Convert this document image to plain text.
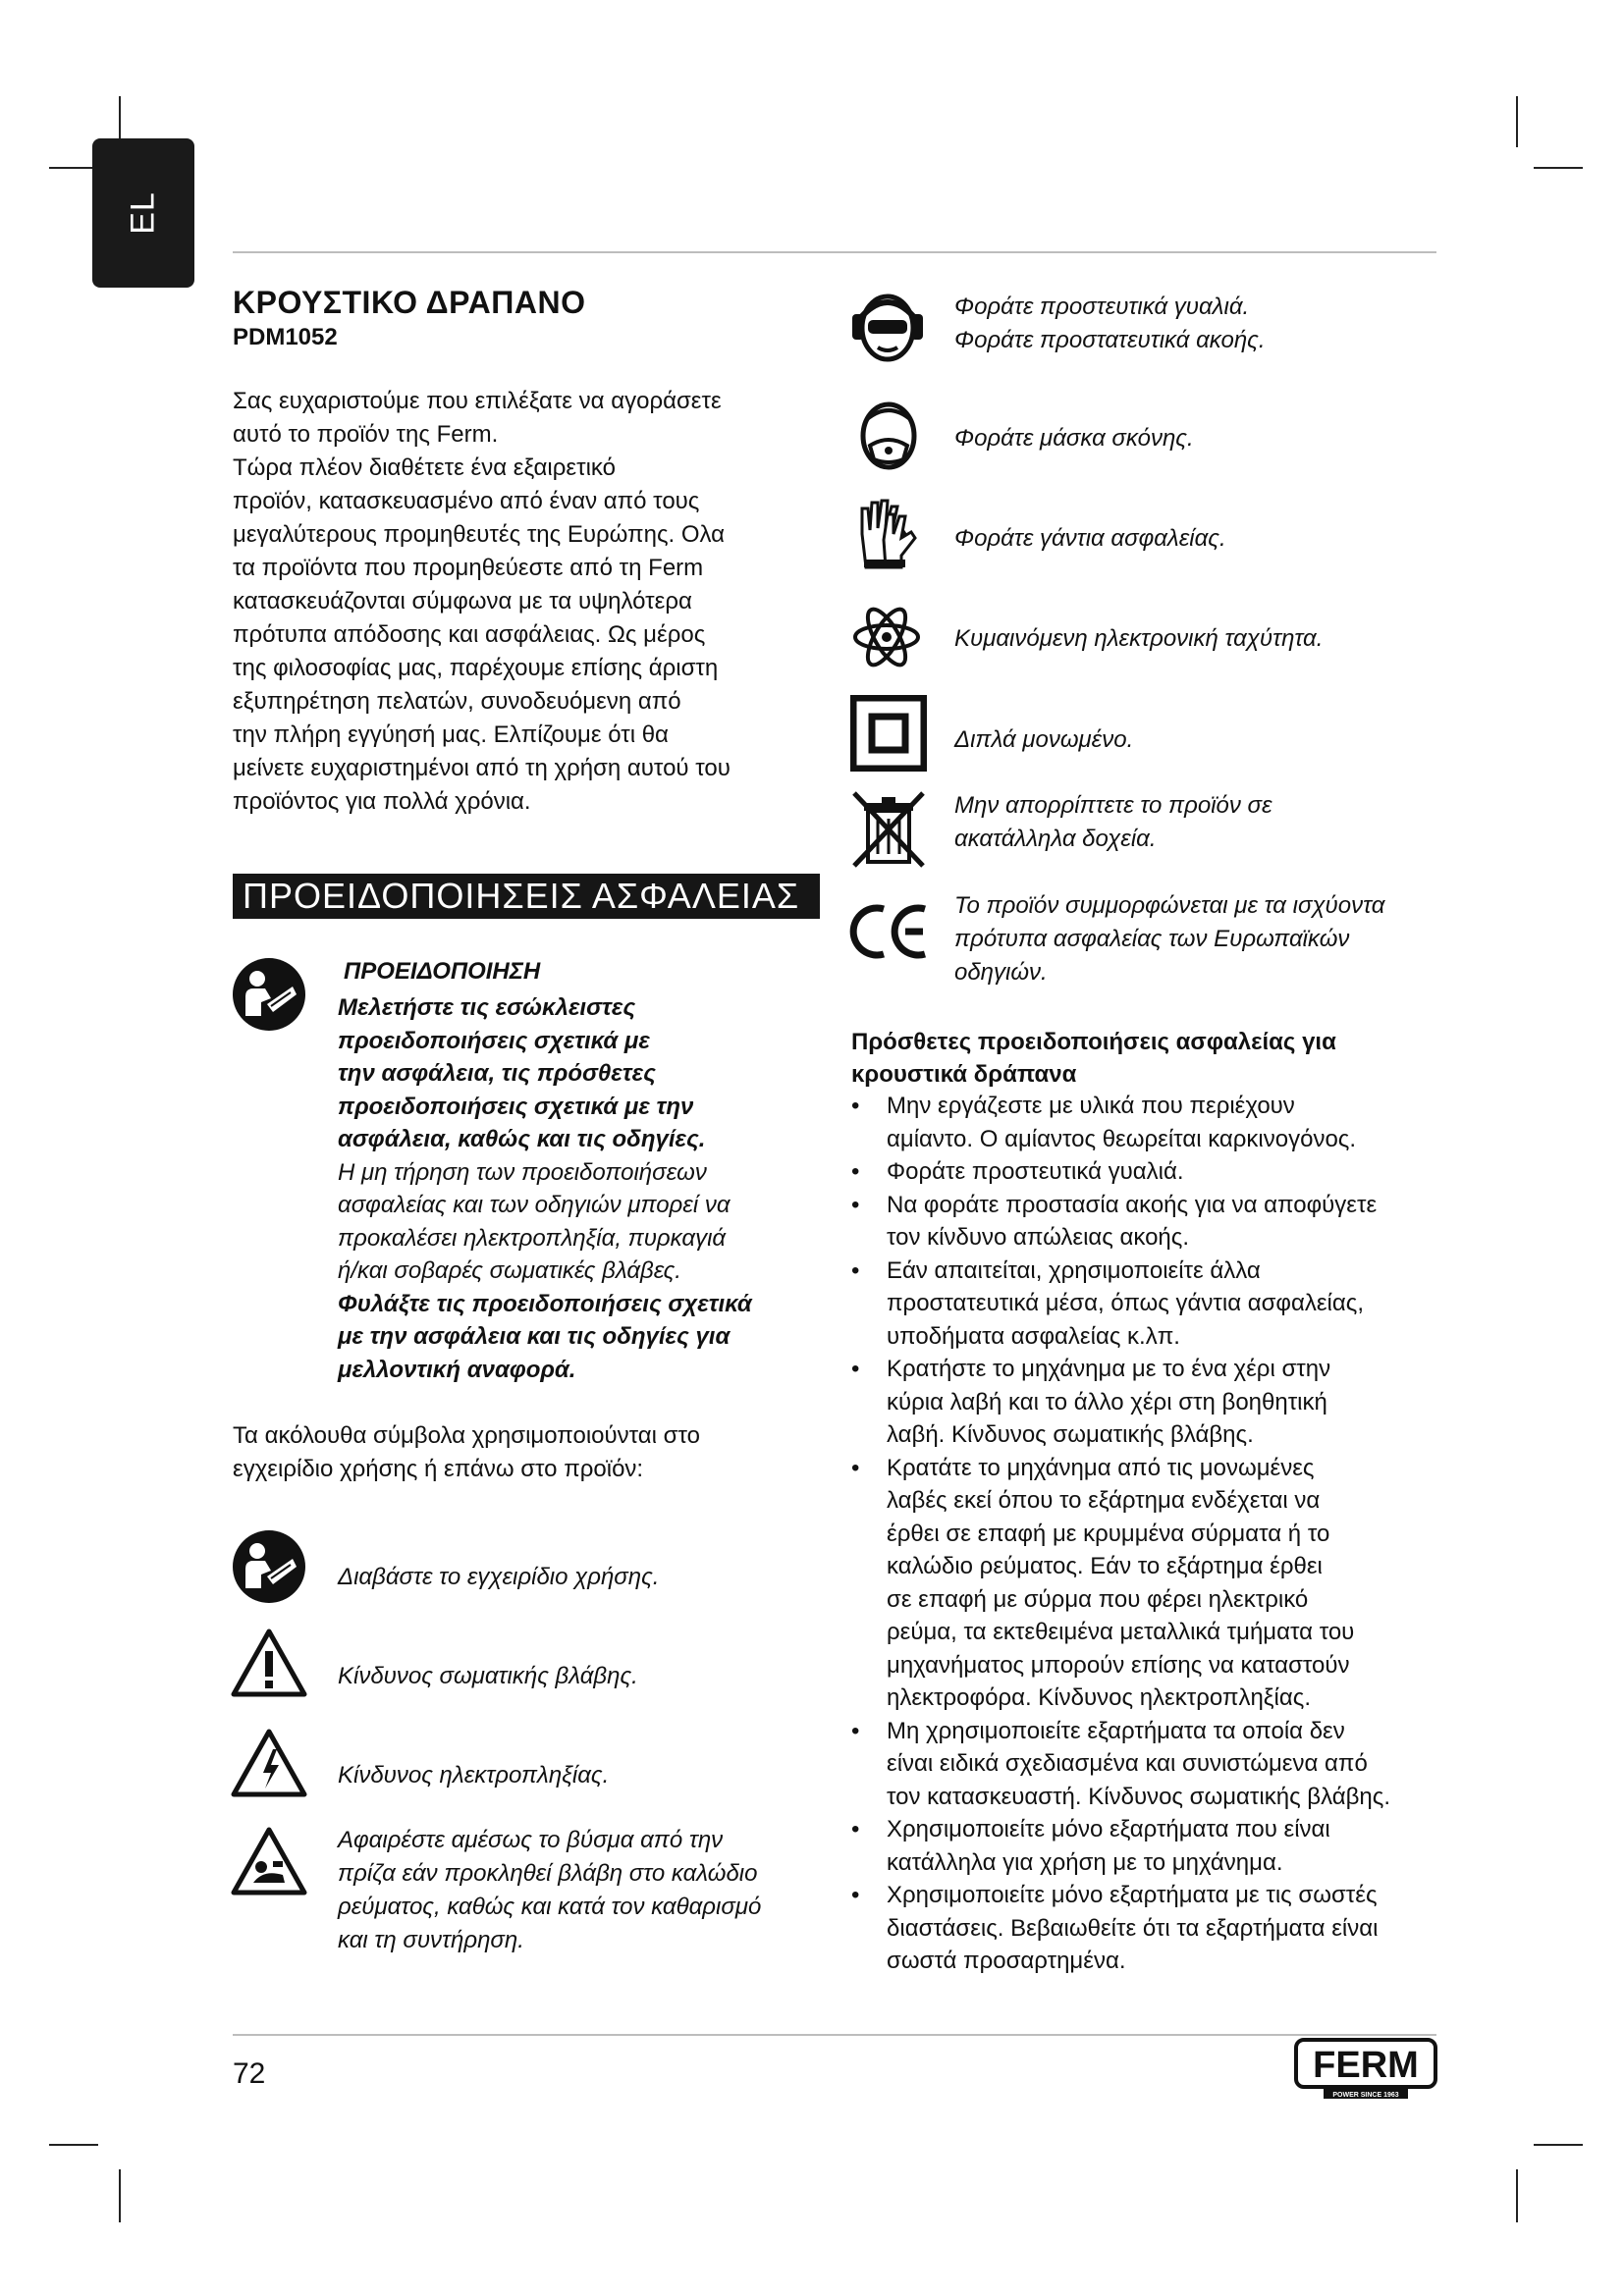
EL
ΚΡΟΥΣΤΙΚΟ ΔΡΑΠΑΝΟ
PDM1052
Σας ευχαριστούμε που επιλέξατε να αγοράσετε
αυτό το προϊόν της Ferm.
Τώρα πλέον διαθέτετε ένα εξαιρετικό
προϊόν, κατασκευασμένο από έναν από τους
μεγαλύτερους προμηθευτές της Ευρώπης. Ολα
τα προϊόντα που προμηθεύεστε από τη Ferm
κατασκευάζονται σύμφωνα με τα υψηλότερα
πρότυπα απόδοσης και ασφάλειας. Ως μέρος
της φιλοσοφίας μας, παρέχουμε επίσης άριστη
εξυπηρέτηση πελατών, συνοδευόμενη από
την πλήρη εγγύησή μας. Ελπίζουμε ότι θα
μείνετε ευχαριστημένοι από τη χρήση αυτού του
προϊόντος για πολλά χρόνια.
ΠΡΟΕΙΔΟΠΟΙΗΣΕΙΣ ΑΣΦΑΛΕΙΑΣ
ΠΡΟΕΙΔΟΠΟΙΗΣΗ
Μελετήστε τις εσώκλειστες
προειδοποιήσεις σχετικά με
την ασφάλεια, τις πρόσθετες
προειδοποιήσεις σχετικά με την
ασφάλεια, καθώς και τις οδηγίες.
Η μη τήρηση των προειδοποιήσεων
ασφαλείας και των οδηγιών μπορεί να
προκαλέσει ηλεκτροπληξία, πυρκαγιά
ή/και σοβαρές σωματικές βλάβες.
Φυλάξτε τις προειδοποιήσεις σχετικά
με την ασφάλεια και τις οδηγίες για
μελλοντική αναφορά.
Τα ακόλουθα σύμβολα χρησιμοποιούνται στο
εγχειρίδιο χρήσης ή επάνω στο προϊόν:
Διαβάστε το εγχειρίδιο χρήσης.
Κίνδυνος σωματικής βλάβης.
Κίνδυνος ηλεκτροπληξίας.
Αφαιρέστε αμέσως το βύσμα από την
πρίζα εάν προκληθεί βλάβη στο καλώδιο
ρεύματος, καθώς και κατά τον καθαρισμό
και τη συντήρηση.
Φοράτε προστευτικά γυαλιά.
Φοράτε προστατευτικά ακοής.
Φοράτε μάσκα σκόνης.
Φοράτε γάντια ασφαλείας.
Κυμαινόμενη ηλεκτρονική ταχύτητα.
Διπλά μονωμένο.
Μην απορρίπτετε το προϊόν σε
ακατάλληλα δοχεία.
Το προϊόν συμμορφώνεται με τα ισχύοντα
πρότυπα ασφαλείας των Ευρωπαϊκών
οδηγιών.
Πρόσθετες προειδοποιήσεις ασφαλείας για
κρουστικά δράπανα
• Μην εργάζεστε με υλικά που περιέχουν
αμίαντο. Ο αμίαντος θεωρείται καρκινογόνος.
• Φοράτε προστευτικά γυαλιά.
• Να φοράτε προστασία ακοής για να αποφύγετε
τον κίνδυνο απώλειας ακοής.
• Εάν απαιτείται, χρησιμοποιείτε άλλα
προστατευτικά μέσα, όπως γάντια ασφαλείας,
υποδήματα ασφαλείας κ.λπ.
• Κρατήστε το μηχάνημα με το ένα χέρι στην
κύρια λαβή και το άλλο χέρι στη βοηθητική
λαβή. Κίνδυνος σωματικής βλάβης.
• Κρατάτε το μηχάνημα από τις μονωμένες
λαβές εκεί όπου το εξάρτημα ενδέχεται να
έρθει σε επαφή με κρυμμένα σύρματα ή το
καλώδιο ρεύματος. Εάν το εξάρτημα έρθει
σε επαφή με σύρμα που φέρει ηλεκτρικό
ρεύμα, τα εκτεθειμένα μεταλλικά τμήματα του
μηχανήματος μπορούν επίσης να καταστούν
ηλεκτροφόρα. Κίνδυνος ηλεκτροπληξίας.
• Μη χρησιμοποιείτε εξαρτήματα τα οποία δεν
είναι ειδικά σχεδιασμένα και συνιστώμενα από
τον κατασκευαστή. Κίνδυνος σωματικής βλάβης.
• Χρησιμοποιείτε μόνο εξαρτήματα που είναι
κατάλληλα για χρήση με το μηχάνημα.
• Χρησιμοποιείτε μόνο εξαρτήματα με τις σωστές
διαστάσεις. Βεβαιωθείτε ότι τα εξαρτήματα είναι
σωστά προσαρτημένα.
72	FERM
POWER SINCE 1963
